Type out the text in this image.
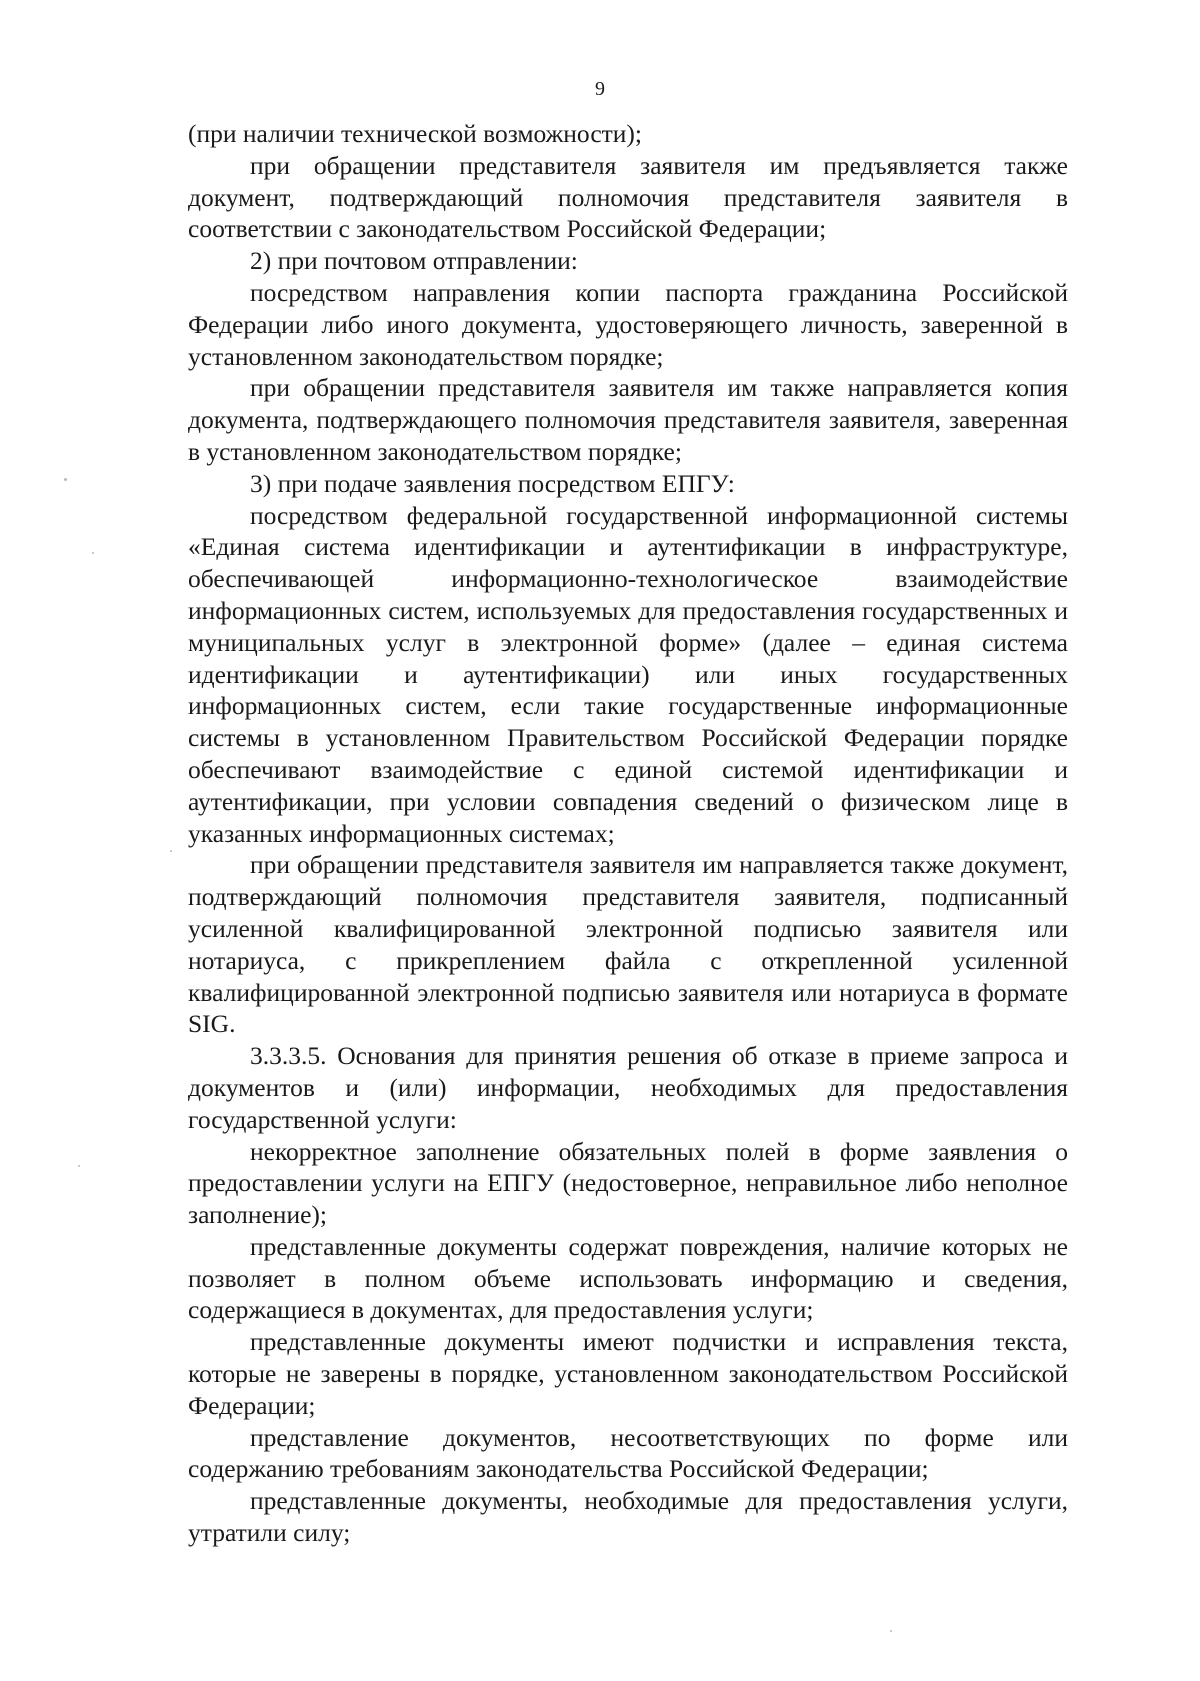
9

(при наличии технической возможности);

при обращении представителя заявителя им предъявляется также документ, подтверждающий полномочия представителя заявителя в соответствии с законодательством Российской Федерации;

2) при почтовом отправлении:

посредством направления копии паспорта гражданина Российской Федерации либо иного документа, удостоверяющего личность, заверенной в установленном законодательством порядке;

при обращении представителя заявителя им также направляется копия документа, подтверждающего полномочия представителя заявителя, заверенная в установленном законодательством порядке;

3) при подаче заявления посредством ЕПГУ:

посредством федеральной государственной информационной системы «Единая система идентификации и аутентификации в инфраструктуре, обеспечивающей информационно-технологическое взаимодействие информационных систем, используемых для предоставления государственных и муниципальных услуг в электронной форме» (далее – единая система идентификации и аутентификации) или иных государственных информационных систем, если такие государственные информационные системы в установленном Правительством Российской Федерации порядке обеспечивают взаимодействие с единой системой идентификации и аутентификации, при условии совпадения сведений о физическом лице в указанных информационных системах;

при обращении представителя заявителя им направляется также документ, подтверждающий полномочия представителя заявителя, подписанный усиленной квалифицированной электронной подписью заявителя или нотариуса, с прикреплением файла с открепленной усиленной квалифицированной электронной подписью заявителя или нотариуса в формате SIG.

3.3.3.5. Основания для принятия решения об отказе в приеме запроса и документов и (или) информации, необходимых для предоставления государственной услуги:

некорректное заполнение обязательных полей в форме заявления о предоставлении услуги на ЕПГУ (недостоверное, неправильное либо неполное заполнение);

представленные документы содержат повреждения, наличие которых не позволяет в полном объеме использовать информацию и сведения, содержащиеся в документах, для предоставления услуги;

представленные документы имеют подчистки и исправления текста, которые не заверены в порядке, установленном законодательством Российской Федерации;

представление документов, несоответствующих по форме или содержанию требованиям законодательства Российской Федерации;

представленные документы, необходимые для предоставления услуги, утратили силу;
